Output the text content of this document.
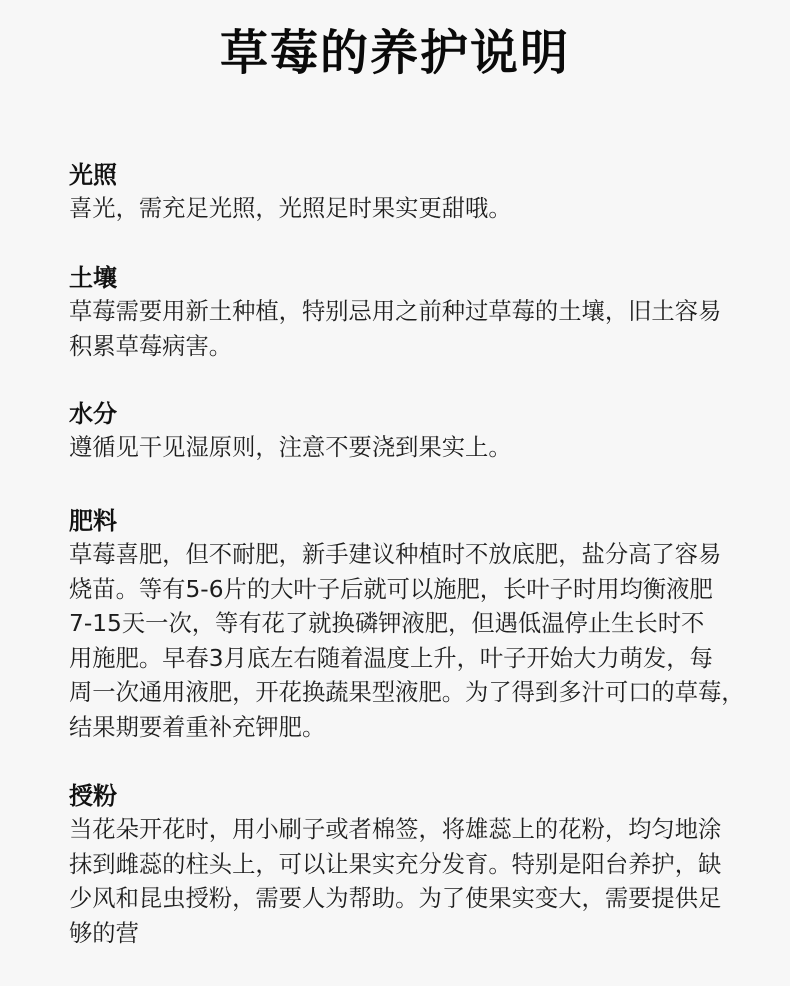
草莓的养护说明
光照

喜光，需充足光照，光照足时果实更甜哦。

土壤

草莓需要用新土种植，特别忌用之前种过草莓的土壤，旧土容易
积累草莓病害。

水分

遵循见干见湿原则，注意不要浇到果实上。

肥料

草莓喜肥，但不耐肥，新手建议种植时不放底肥，盐分高了容易
烧苗。等有5-6片的大叶子后就可以施肥，长叶子时用均衡液肥
7-15天一次，等有花了就换磷钾液肥，但遇低温停止生长时不
用施肥。早春3月底左右随着温度上升，叶子开始大力萌发，每
周一次通用液肥，开花换蔬果型液肥。为了得到多汁可口的草莓，
结果期要着重补充钾肥。

授粉

当花朵开花时，用小刷子或者棉签，将雄蕊上的花粉，均匀地涂
抹到雌蕊的柱头上，可以让果实充分发育。特别是阳台养护，缺
少风和昆虫授粉，需要人为帮助。为了使果实变大，需要提供足
够的营
